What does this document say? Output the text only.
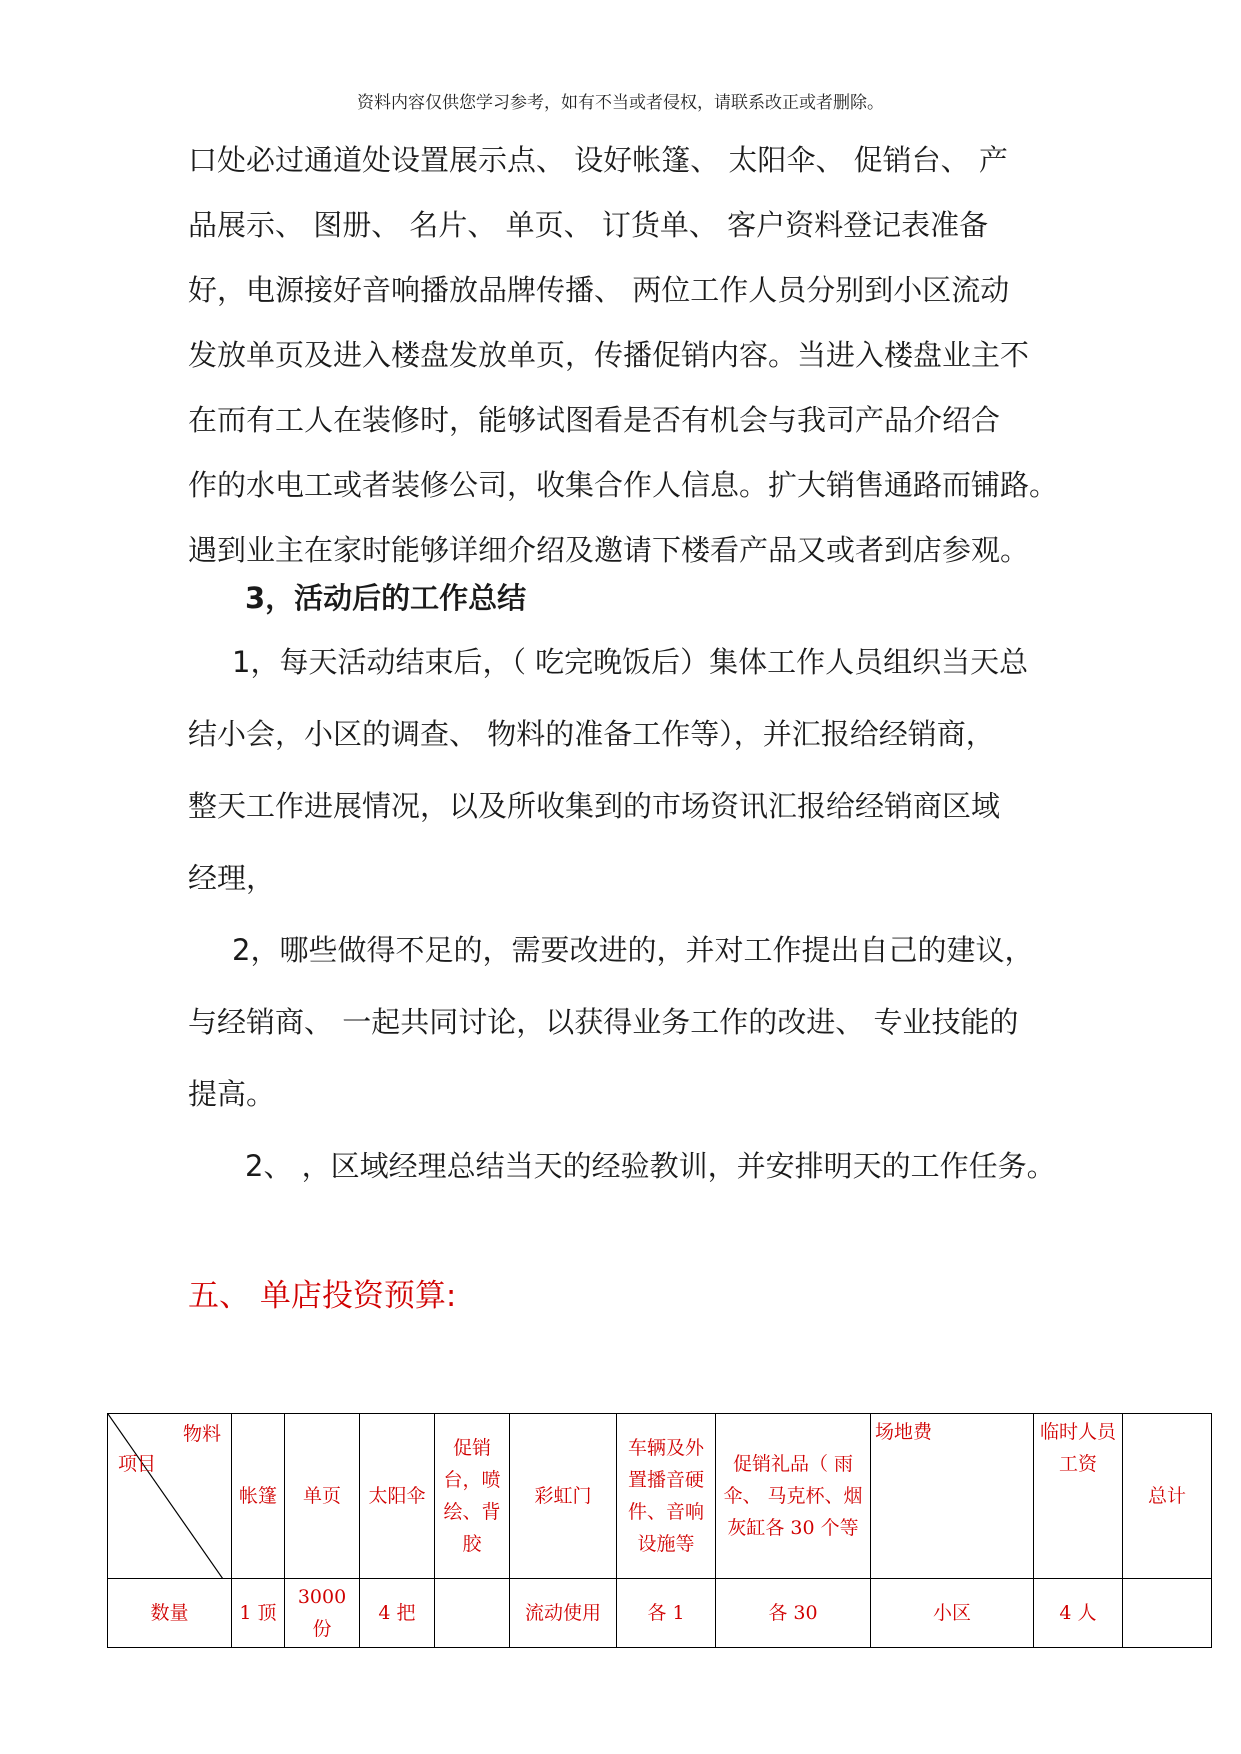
资料内容仅供您学习参考，如有不当或者侵权，请联系改正或者删除。

口处必过通道处设置展示点、 设好帐篷、 太阳伞、 促销台、 产

品展示、 图册、 名片、 单页、 订货单、 客户资料登记表准备

好，电源接好音响播放品牌传播、 两位工作人员分别到小区流动

发放单页及进入楼盘发放单页，传播促销内容。当进入楼盘业主不

在而有工人在装修时，能够试图看是否有机会与我司产品介绍合

作的水电工或者装修公司，收集合作人信息。扩大销售通路而铺路。

遇到业主在家时能够详细介绍及邀请下楼看产品又或者到店参观。

3，活动后的工作总结

1，每天活动结束后，（ 吃完晚饭后）集体工作人员组织当天总

结小会，小区的调查、 物料的准备工作等），并汇报给经销商，

整天工作进展情况，以及所收集到的市场资讯汇报给经销商区域

经理，

2，哪些做得不足的，需要改进的，并对工作提出自己的建议，

与经销商、 一起共同讨论，以获得业务工作的改进、 专业技能的

提高。

2、 ，区域经理总结当天的经验教训，并安排明天的工作任务。

五、 单店投资预算:

物料
项目	帐篷	单页	太阳伞	促销台，喷绘、背胶	彩虹门	车辆及外置播音硬件、音响设施等	促销礼品（ 雨伞、 马克杯、烟灰缸各 30 个等	场地费	临时人员工资	总计
数量	1 顶	3000 份	4 把		流动使用	各 1	各 30	小区	4 人	
